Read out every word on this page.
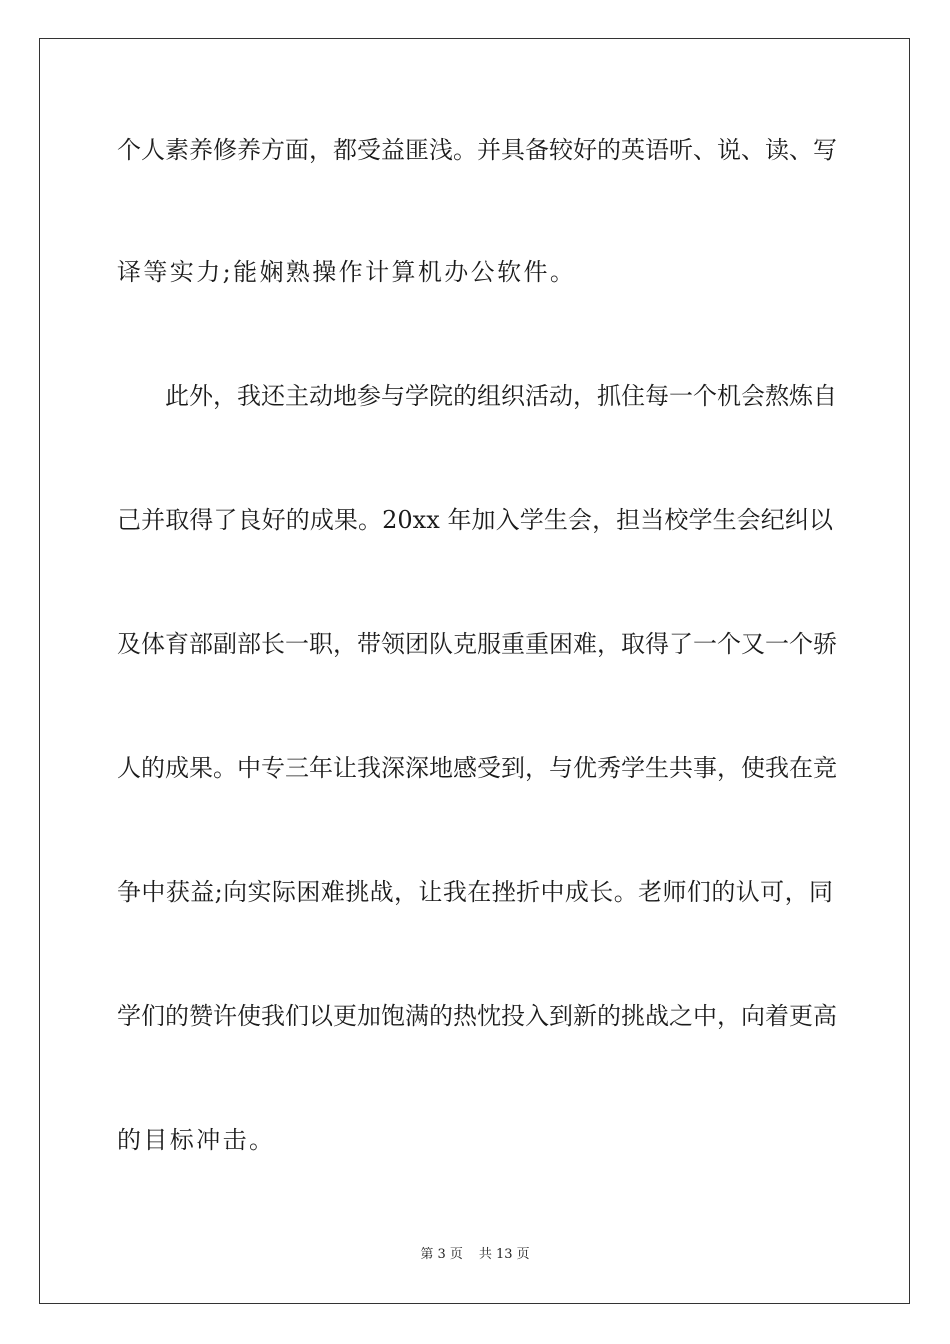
个人素养修养方面，都受益匪浅。并具备较好的英语听、说、读、写
译等实力;能娴熟操作计算机办公软件。
此外，我还主动地参与学院的组织活动，抓住每一个机会熬炼自
己并取得了良好的成果。20xx 年加入学生会，担当校学生会纪纠以
及体育部副部长一职，带领团队克服重重困难，取得了一个又一个骄
人的成果。中专三年让我深深地感受到，与优秀学生共事，使我在竞
争中获益;向实际困难挑战，让我在挫折中成长。老师们的认可，同
学们的赞许使我们以更加饱满的热忱投入到新的挑战之中，向着更高
的目标冲击。
第 3 页 共 13 页
